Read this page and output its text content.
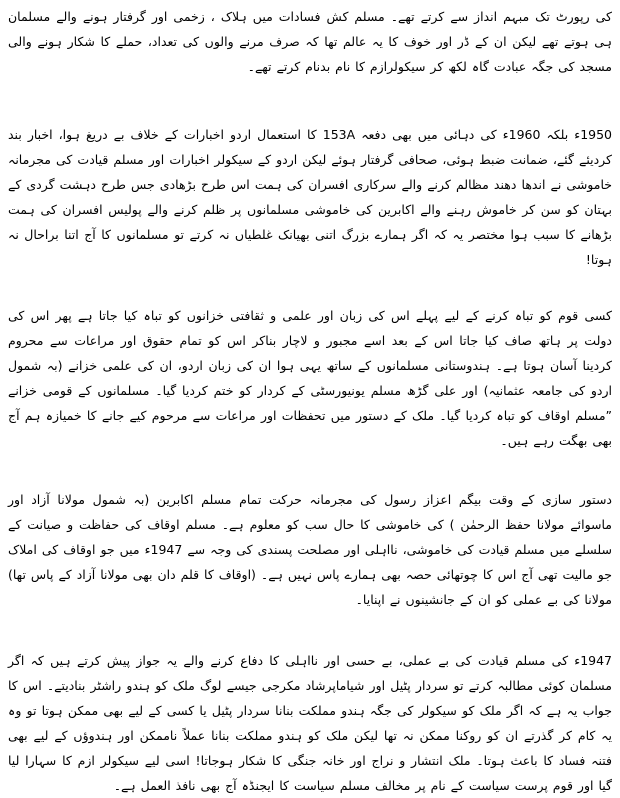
کی رپورٹ تک مبہم انداز سے کرتے تھے۔ مسلم کش فسادات میں ہلاک ، زخمی اور گرفتار ہونے والے مسلمان ہی ہوتے تھے لیکن ان کے ڈر اور خوف کا یہ عالم تھا کہ صرف مرنے والوں کی تعداد، حملے کا شکار ہونے والی مسجد کی جگہ عبادت گاہ لکھ کر سیکولرازم کا نام بدنام کرتے تھے۔

1950ء بلکہ 1960ء کی دہائی میں بھی دفعہ 153A کا استعمال اردو اخبارات کے خلاف بے دریغ ہوا، اخبار بند کردیئے گئے، ضمانت ضبط ہوئی، صحافی گرفتار ہوئے لیکن اردو کے سیکولر اخبارات اور مسلم قیادت کی مجرمانہ خاموشی نے اندھا دھند مظالم کرنے والے سرکاری افسران کی ہمت اس طرح بڑھادی جس طرح دہشت گردی کے بہتان کو سن کر خاموش رہنے والے اکابرین کی خاموشی مسلمانوں پر ظلم کرنے والے پولیس افسران کی ہمت بڑھانے کا سبب ہوا مختصر یہ کہ اگر ہمارے بزرگ اتنی بھیانک غلطیاں نہ کرتے تو مسلمانوں کا آج اتنا براحال نہ ہوتا!

کسی قوم کو تباہ کرنے کے لیے پہلے اس کی زبان اور علمی و ثقافتی خزانوں کو تباہ کیا جاتا ہے پھر اس کی دولت پر ہاتھ صاف کیا جاتا اس کے بعد اسے مجبور و لاچار بناکر اس کو تمام حقوق اور مراعات سے محروم کردینا آسان ہوتا ہے۔ ہندوستانی مسلمانوں کے ساتھ یہی ہوا ان کی زبان اردو، ان کی علمی خزانے (بہ شمول اردو کی جامعہ عثمانیہ) اور علی گڑھ مسلم یونیورسٹی کے کردار کو ختم کردیا گیا۔ مسلمانوں کے قومی خزانے ”مسلم اوقاف کو تباہ کردیا گیا۔ ملک کے دستور میں تحفظات اور مراعات سے مرحوم کیے جانے کا خمیازہ ہم آج بھی بھگت رہے ہیں۔

دستور سازی کے وقت بیگم اعزاز رسول کی مجرمانہ حرکت تمام مسلم اکابرین (بہ شمول مولانا آزاد اور ماسوائے مولانا حفظ الرحمٰن ) کی خاموشی کا حال سب کو معلوم ہے۔ مسلم اوقاف کی حفاظت و صیانت کے سلسلے میں مسلم قیادت کی خاموشی، نااہلی اور مصلحت پسندی کی وجہ سے 1947ء میں جو اوقاف کی املاک جو مالیت تھی آج اس کا چوتھائی حصہ بھی ہمارے پاس نہیں ہے۔ (اوقاف کا قلم دان بھی مولانا آزاد کے پاس تھا) مولانا کی بے عملی کو ان کے جانشینوں نے اپنایا۔

1947ء کی مسلم قیادت کی بے عملی، بے حسی اور نااہلی کا دفاع کرنے والے یہ جواز پیش کرتے ہیں کہ اگر مسلمان کوئی مطالبہ کرتے تو سردار پٹیل اور شیاماپرشاد مکرجی جیسے لوگ ملک کو ہندو راشٹر بنادیتے۔ اس کا جواب یہ ہے کہ اگر ملک کو سیکولر کی جگہ ہندو مملکت بنانا سردار پٹیل یا کسی کے لیے بھی ممکن ہوتا تو وہ یہ کام کر گذرتے ان کو روکنا ممکن نہ تھا لیکن ملک کو ہندو مملکت بنانا عملاً ناممکن اور ہندوؤں کے لیے بھی فتنہ فساد کا باعث ہوتا۔ ملک انتشار و نراج اور خانہ جنگی کا شکار ہوجاتا! اسی لیے سیکولر ازم کا سہارا لیا گیا اور قوم پرست سیاست کے نام پر مخالف مسلم سیاست کا ایجنڈہ آج بھی نافذ العمل ہے۔
